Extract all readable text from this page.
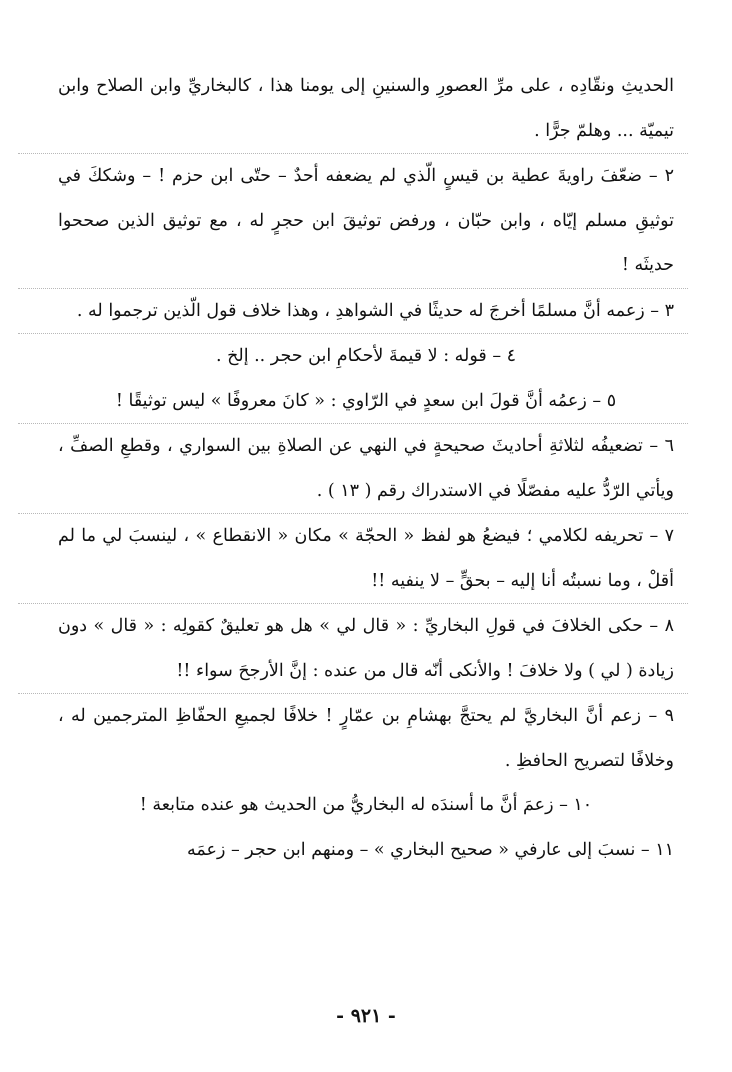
الحديثِ ونقّادِه ، على مرِّ العصورِ والسنينِ إلى يومنا هذا ، كالبخاريِّ وابن الصلاح وابن تيميّة ... وهلمّ جرًّا .

٢ – ضعّفَ راويةَ عطية بن قيسٍ الّذي لم يضعفه أحدٌ – حتّى ابن حزم ! – وشككَ في توثيقِ مسلم إيّاه ، وابن حبّان ، ورفض توثيقَ ابن حجرٍ له ، مع توثيق الذين صححوا حديثَه !

٣ – زعمه أنَّ مسلمًا أخرجَ له حديثًا في الشواهدِ ، وهذا خلاف قول الّذين ترجموا له .

٤ – قوله : لا قيمةَ لأحكامِ ابن حجر .. إلخ .

٥ – زعمُه أنَّ قولَ ابن سعدٍ في الرّاوي : « كانَ معروفًا » ليس توثيقًا !

٦ – تضعيفُه لثلاثةِ أحاديثَ صحيحةٍ في النهي عن الصلاةِ بين السواري ، وقطعِ الصفِّ ، ويأتي الرّدُّ عليه مفصّلًا في الاستدراك رقم ( ١٣ ) .

٧ – تحريفه لكلامي ؛ فيضعُ هو لفظ « الحجّة » مكان « الانقطاع » ، لينسبَ لي ما لم أقلْ ، وما نسبتُه أنا إليه – بحقٍّ – لا ينفيه !!

٨ – حكى الخلافَ في قولِ البخاريِّ : « قال لي » هل هو تعليقٌ كقولِه : « قال » دون زيادة ( لي ) ولا خلافَ ! والأنكى أنّه قال من عنده : إنَّ الأرجحَ سواء !!

٩ – زعم أنَّ البخاريَّ لم يحتجَّ بهشامِ بن عمّارٍ ! خلافًا لجميعِ الحفّاظِ المترجمين له ، وخلافًا لتصريح الحافظِ .

١٠ – زعمَ أنَّ ما أسندَه له البخاريُّ من الحديث هو عنده متابعة !

١١ – نسبَ إلى عارفي « صحيح البخاري » – ومنهم ابن حجر – زعمَه

- ٩٢١ -
